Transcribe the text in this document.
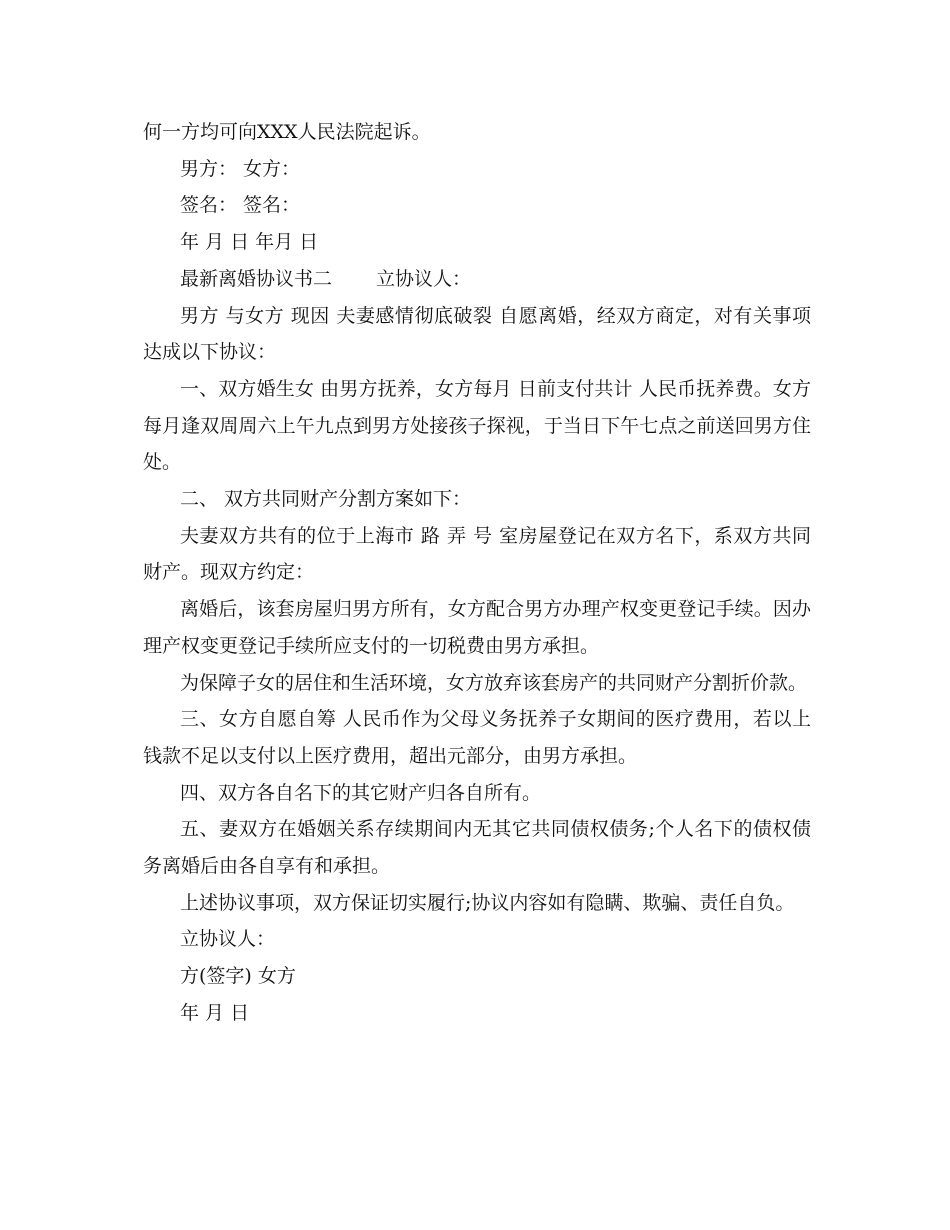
何一方均可向XXX人民法院起诉。

男方： 女方：

签名： 签名：

年 月 日 年月 日

最新离婚协议书二 立协议人：

男方 与女方 现因 夫妻感情彻底破裂 自愿离婚，经双方商定，对有关事项达成以下协议：

一、双方婚生女 由男方抚养，女方每月 日前支付共计 人民币抚养费。女方每月逢双周周六上午九点到男方处接孩子探视，于当日下午七点之前送回男方住处。

二、 双方共同财产分割方案如下：

夫妻双方共有的位于上海市 路 弄 号 室房屋登记在双方名下，系双方共同财产。现双方约定：

离婚后，该套房屋归男方所有，女方配合男方办理产权变更登记手续。因办理产权变更登记手续所应支付的一切税费由男方承担。

为保障子女的居住和生活环境，女方放弃该套房产的共同财产分割折价款。

三、女方自愿自筹 人民币作为父母义务抚养子女期间的医疗费用，若以上钱款不足以支付以上医疗费用，超出元部分，由男方承担。

四、双方各自名下的其它财产归各自所有。

五、妻双方在婚姻关系存续期间内无其它共同债权债务;个人名下的债权债务离婚后由各自享有和承担。

上述协议事项，双方保证切实履行;协议内容如有隐瞒、欺骗、责任自负。

立协议人：

方(签字) 女方

年 月 日
